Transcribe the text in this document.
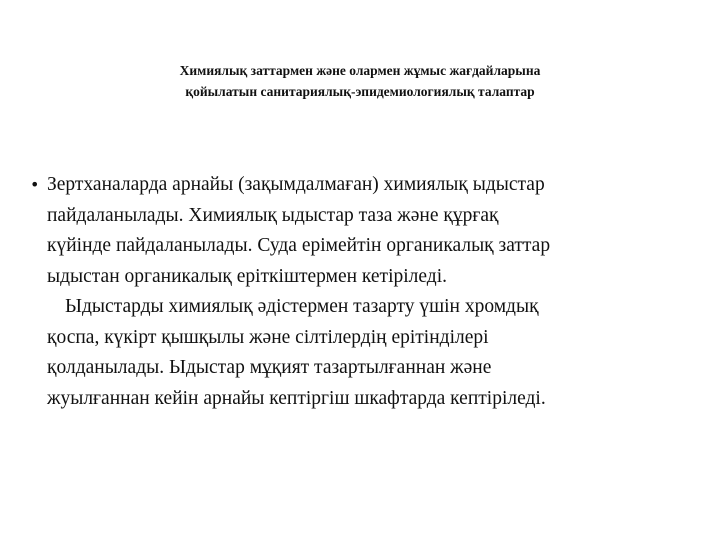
Химиялық заттармен және олармен жұмыс жағдайларына
қойылатын санитариялық-эпидемиологиялық талаптар
• Зертханаларда арнайы (зақымдалмаған) химиялық ыдыстар
пайдаланылады. Химиялық ыдыстар таза және құрғақ
күйінде пайдаланылады. Суда ерімейтін органикалық заттар
ыдыстан органикалық еріткіштермен кетіріледі.
Ыдыстарды химиялық әдістермен тазарту үшін хромдық
қоспа, күкірт қышқылы және сілтілердің ерітінділері
қолданылады. Ыдыстар мұқият тазартылғаннан және
жуылғаннан кейін арнайы кептіргіш шкафтарда кептіріледі.
